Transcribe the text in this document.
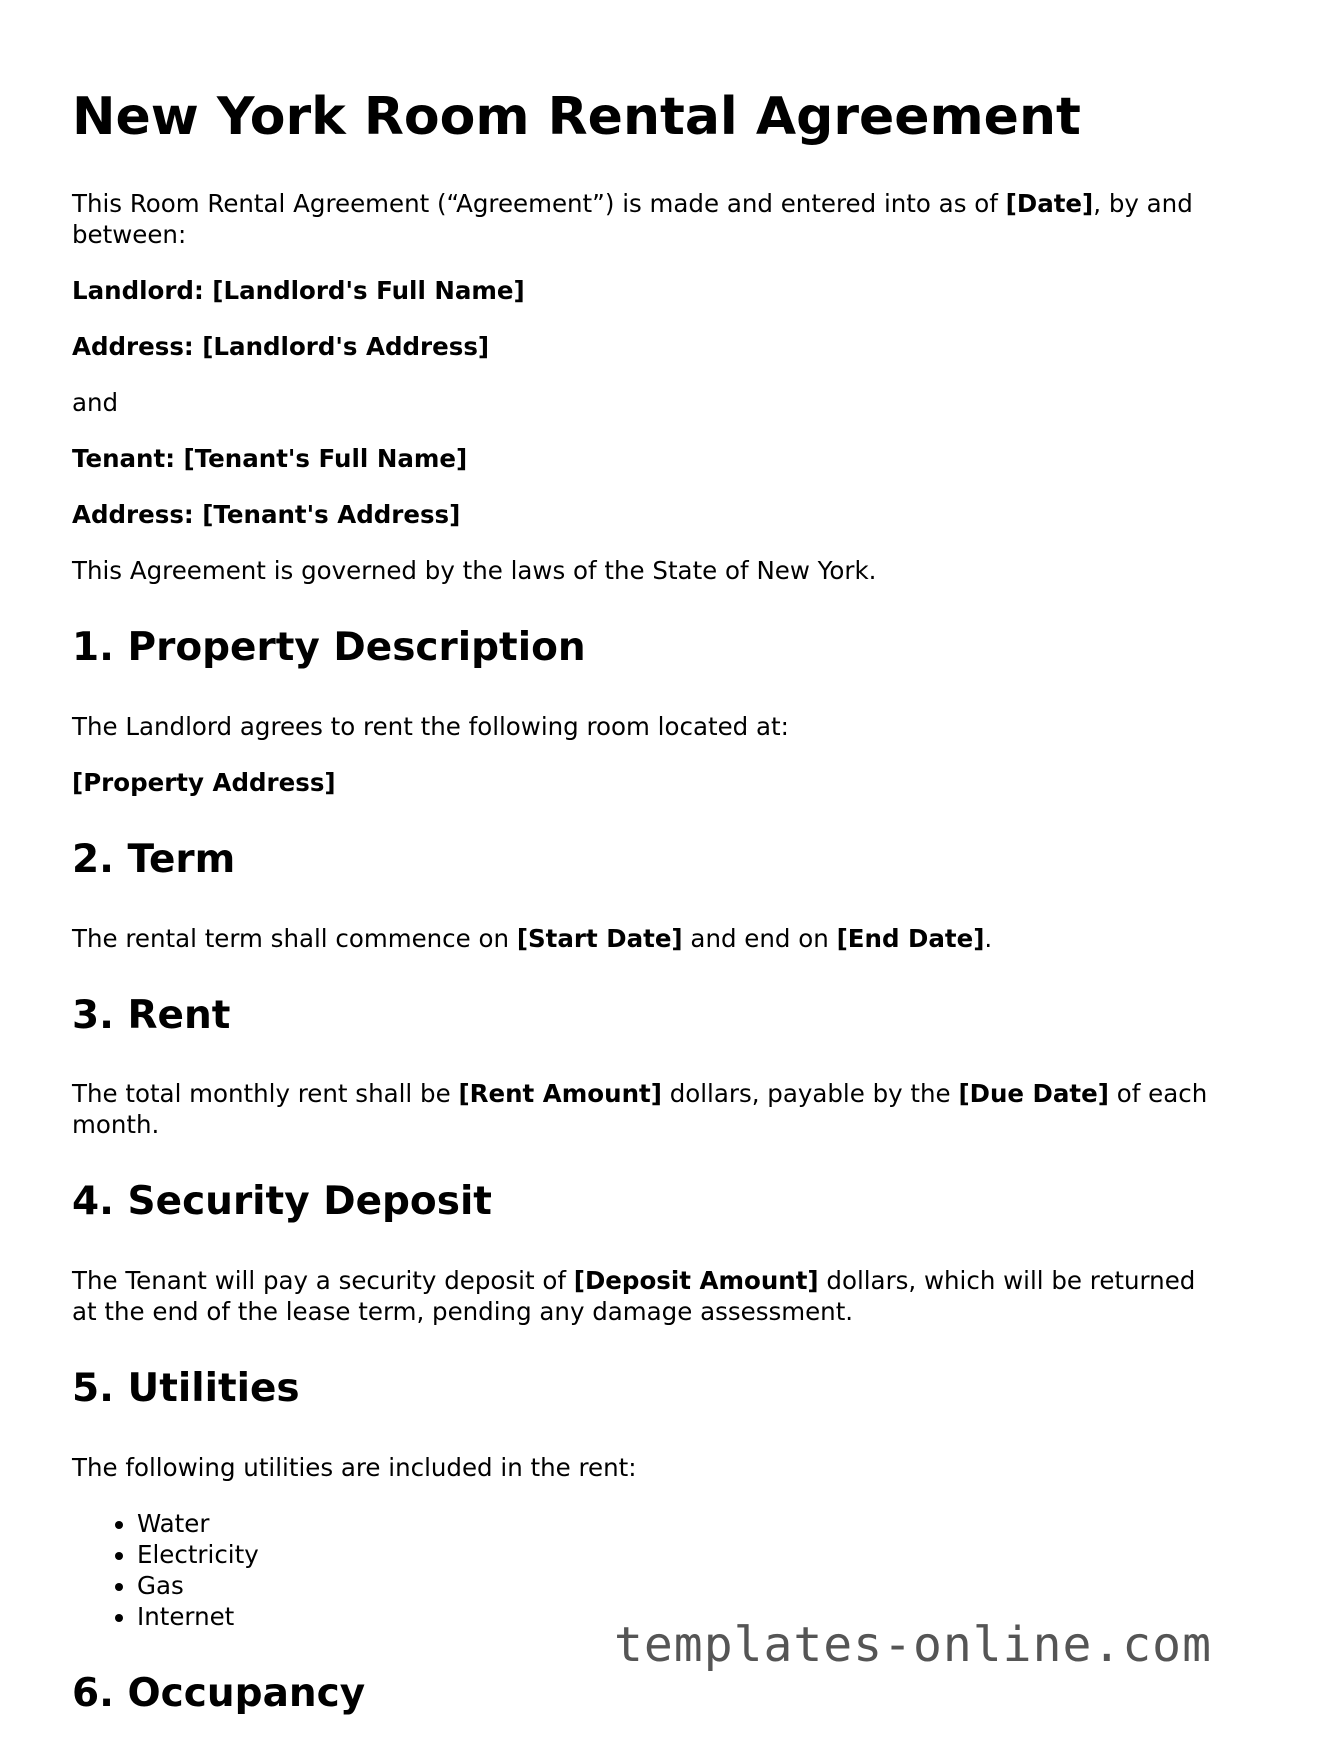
New York Room Rental Agreement

This Room Rental Agreement (“Agreement”) is made and entered into as of [Date], by and between:

Landlord: [Landlord's Full Name]

Address: [Landlord's Address]

and

Tenant: [Tenant's Full Name]

Address: [Tenant's Address]

This Agreement is governed by the laws of the State of New York.

1. Property Description

The Landlord agrees to rent the following room located at:

[Property Address]

2. Term

The rental term shall commence on [Start Date] and end on [End Date].

3. Rent

The total monthly rent shall be [Rent Amount] dollars, payable by the [Due Date] of each month.

4. Security Deposit

The Tenant will pay a security deposit of [Deposit Amount] dollars, which will be returned at the end of the lease term, pending any damage assessment.

5. Utilities

The following utilities are included in the rent:

• Water
• Electricity
• Gas
• Internet
6. Occupancy
templates-online.com
